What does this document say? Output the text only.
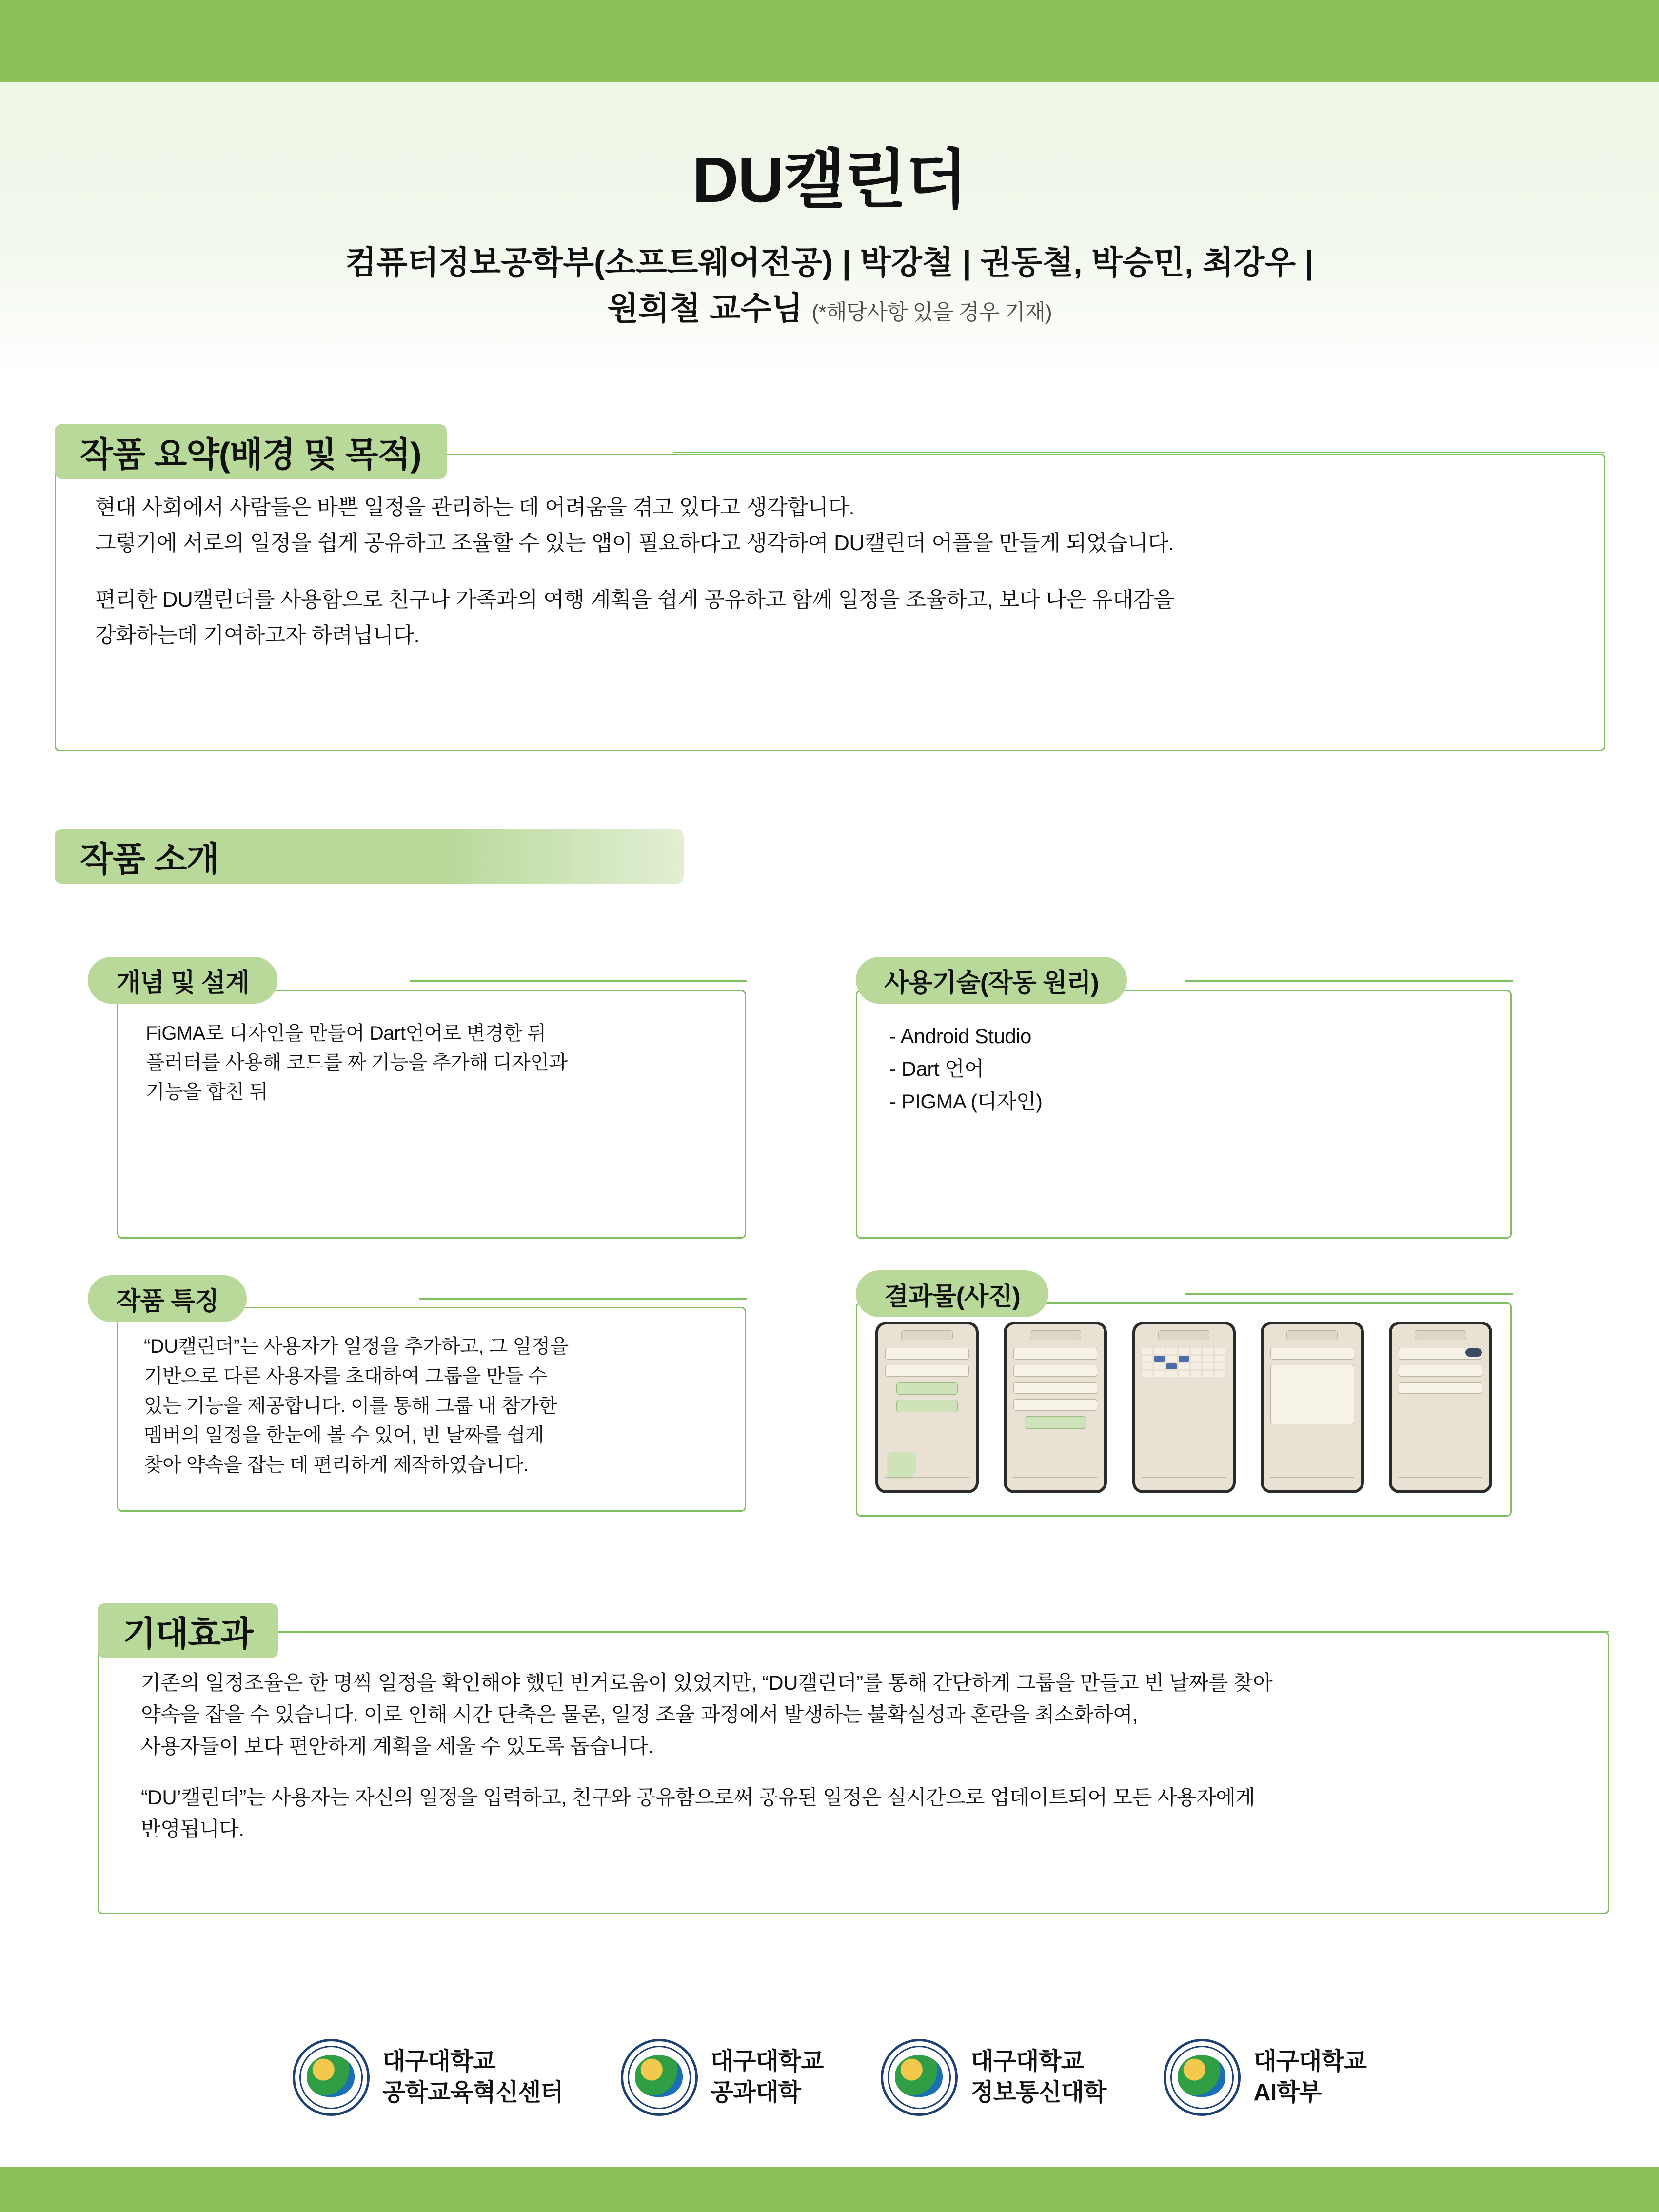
DU캘린더

컴퓨터정보공학부(소프트웨어전공) | 박강철 | 권동철, 박승민, 최강우 |
원희철 교수님 (*해당사항 있을 경우 기재)

작품 요약(배경 및 목적)

현대 사회에서 사람들은 바쁜 일정을 관리하는 데 어려움을 겪고 있다고 생각합니다.

그렇기에 서로의 일정을 쉽게 공유하고 조율할 수 있는 앱이 필요하다고 생각하여 DU캘린더 어플을 만들게 되었습니다.

편리한 DU캘린더를 사용함으로 친구나 가족과의 여행 계획을 쉽게 공유하고 함께 일정을 조율하고, 보다 나은 유대감을

강화하는데 기여하고자 하려닙니다.

작품 소개
개념 및 설계

FiGMA로 디자인을 만들어 Dart언어로 변경한 뒤

플러터를 사용해 코드를 짜 기능을 추가해 디자인과

기능을 합친 뒤

사용기술(작동 원리)

- Android Studio

- Dart 언어

- PIGMA (디자인)

작품 특징

“DU캘린더”는 사용자가 일정을 추가하고, 그 일정을

기반으로 다른 사용자를 초대하여 그룹을 만들 수

있는 기능을 제공합니다. 이를 통해 그룹 내 참가한

멤버의 일정을 한눈에 볼 수 있어, 빈 날짜를 쉽게

찾아 약속을 잡는 데 편리하게 제작하였습니다.

결과물(사진)
기대효과

기존의 일정조율은 한 명씩 일정을 확인해야 했던 번거로움이 있었지만, “DU캘린더”를 통해 간단하게 그룹을 만들고 빈 날짜를 찾아

약속을 잡을 수 있습니다. 이로 인해 시간 단축은 물론, 일정 조율 과정에서 발생하는 불확실성과 혼란을 최소화하여,

사용자들이 보다 편안하게 계획을 세울 수 있도록 돕습니다.

“DU’캘린더”는 사용자는 자신의 일정을 입력하고, 친구와 공유함으로써 공유된 일정은 실시간으로 업데이트되어 모든 사용자에게

반영됩니다.

대구대학교
공학교육혁신센터
대구대학교
공과대학
대구대학교
정보통신대학
대구대학교
AI학부
